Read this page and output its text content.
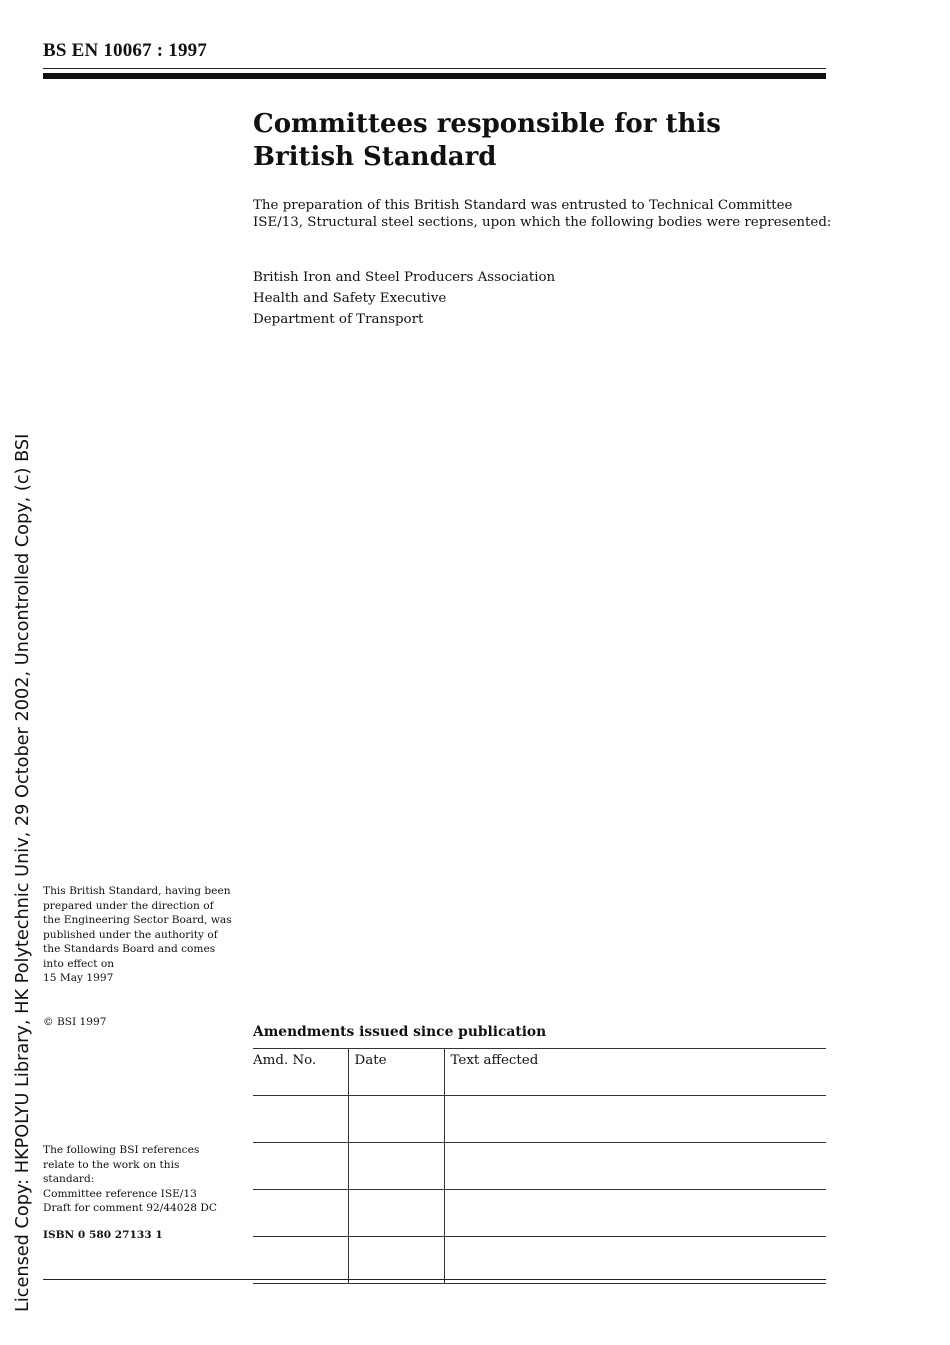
BS EN 10067 : 1997
Committees responsible for this
British Standard
The preparation of this British Standard was entrusted to Technical Committee ISE/13, Structural steel sections, upon which the following bodies were represented:
British Iron and Steel Producers Association
Health and Safety Executive
Department of Transport
This British Standard, having been prepared under the direction of the Engineering Sector Board, was published under the authority of the Standards Board and comes into effect on
15 May 1997
© BSI 1997
The following BSI references relate to the work on this standard:
Committee reference ISE/13
Draft for comment 92/44028 DC
ISBN 0 580 27133 1
Amendments issued since publication
Amd. No.	Date	Text affected

Licensed Copy: HKPOLYU Library, HK Polytechnic Univ, 29 October 2002, Uncontrolled Copy, (c) BSI
